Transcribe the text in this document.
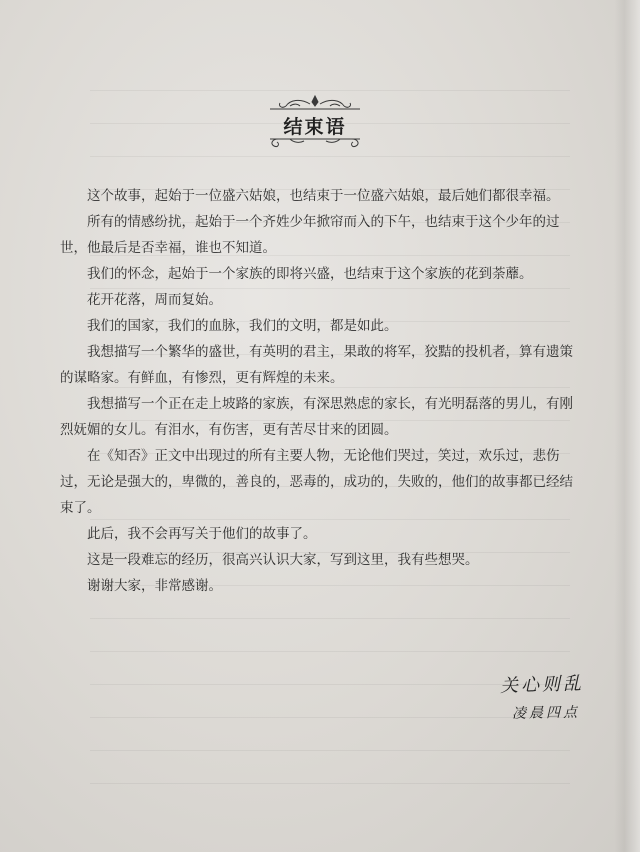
结束语

这个故事，起始于一位盛六姑娘，也结束于一位盛六姑娘，最后她们都很幸福。

所有的情感纷扰，起始于一个齐姓少年掀帘而入的下午，也结束于这个少年的过世，他最后是否幸福，谁也不知道。

我们的怀念，起始于一个家族的即将兴盛，也结束于这个家族的花到荼蘼。

花开花落，周而复始。

我们的国家，我们的血脉，我们的文明，都是如此。

我想描写一个繁华的盛世，有英明的君主，果敢的将军，狡黠的投机者，算有遗策的谋略家。有鲜血，有惨烈，更有辉煌的未来。

我想描写一个正在走上坡路的家族，有深思熟虑的家长，有光明磊落的男儿，有刚烈妩媚的女儿。有泪水，有伤害，更有苦尽甘来的团圆。

在《知否》正文中出现过的所有主要人物，无论他们哭过，笑过，欢乐过，悲伤过，无论是强大的，卑微的，善良的，恶毒的，成功的，失败的，他们的故事都已经结束了。

此后，我不会再写关于他们的故事了。

这是一段难忘的经历，很高兴认识大家，写到这里，我有些想哭。

谢谢大家，非常感谢。

关心则乱
凌晨四点
